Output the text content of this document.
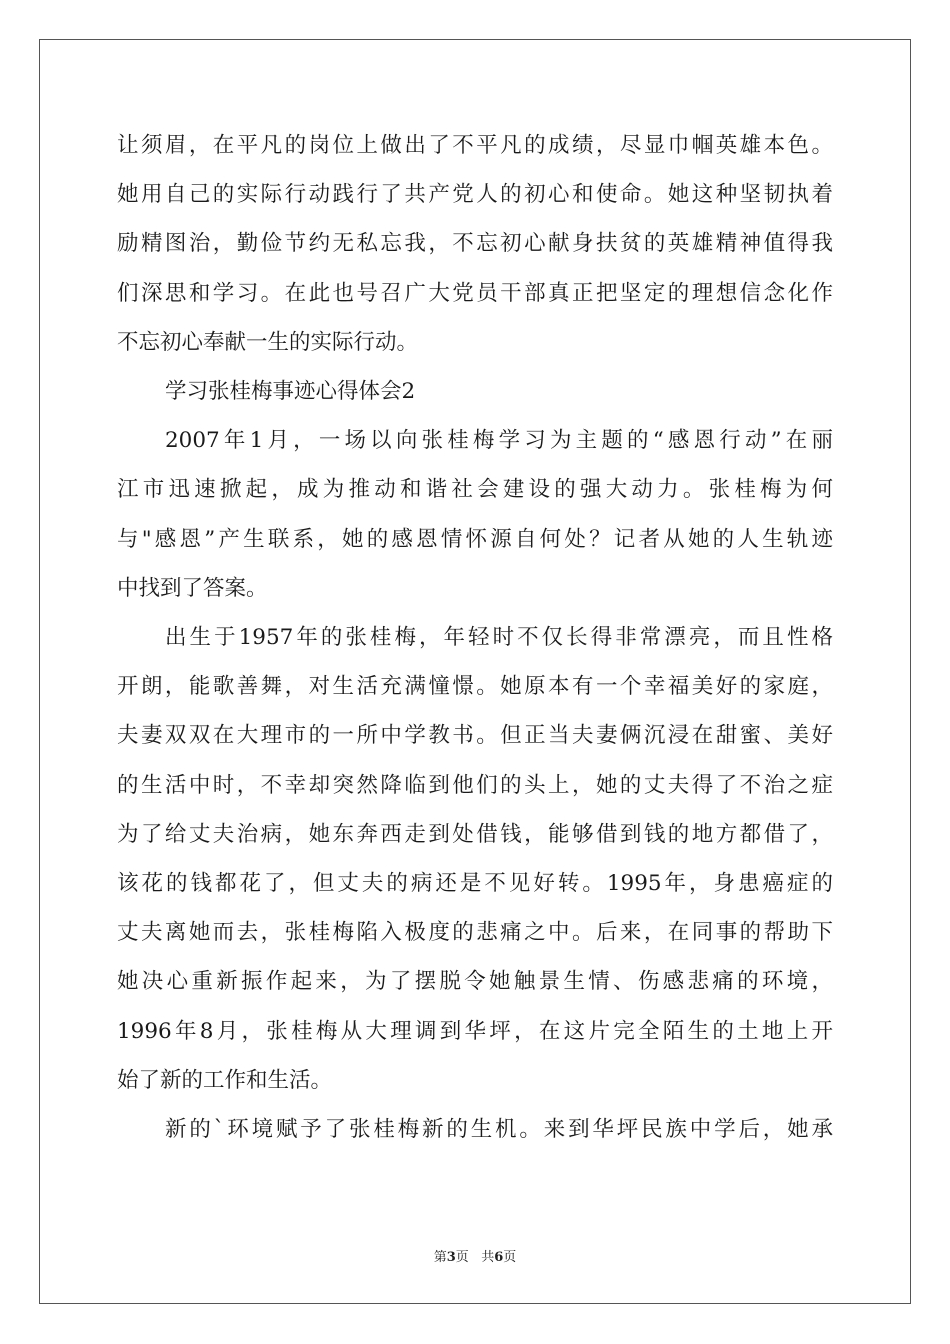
让须眉，在平凡的岗位上做出了不平凡的成绩，尽显巾帼英雄本色。
她用自己的实际行动践行了共产党人的初心和使命。她这种坚韧执着
励精图治，勤俭节约无私忘我，不忘初心献身扶贫的英雄精神值得我
们深思和学习。在此也号召广大党员干部真正把坚定的理想信念化作
不忘初心奉献一生的实际行动。
学习张桂梅事迹心得体会2
2007年1月，一场以向张桂梅学习为主题的“感恩行动”在丽
江市迅速掀起，成为推动和谐社会建设的强大动力。张桂梅为何
与"感恩”产生联系，她的感恩情怀源自何处？记者从她的人生轨迹
中找到了答案。
出生于1957年的张桂梅，年轻时不仅长得非常漂亮，而且性格
开朗，能歌善舞，对生活充满憧憬。她原本有一个幸福美好的家庭，
夫妻双双在大理市的一所中学教书。但正当夫妻俩沉浸在甜蜜、美好
的生活中时，不幸却突然降临到他们的头上，她的丈夫得了不治之症
为了给丈夫治病，她东奔西走到处借钱，能够借到钱的地方都借了，
该花的钱都花了，但丈夫的病还是不见好转。1995年，身患癌症的
丈夫离她而去，张桂梅陷入极度的悲痛之中。后来，在同事的帮助下
她决心重新振作起来，为了摆脱令她触景生情、伤感悲痛的环境，
1996年8月，张桂梅从大理调到华坪，在这片完全陌生的土地上开
始了新的工作和生活。
新的`环境赋予了张桂梅新的生机。来到华坪民族中学后，她承
第3页 共6页
